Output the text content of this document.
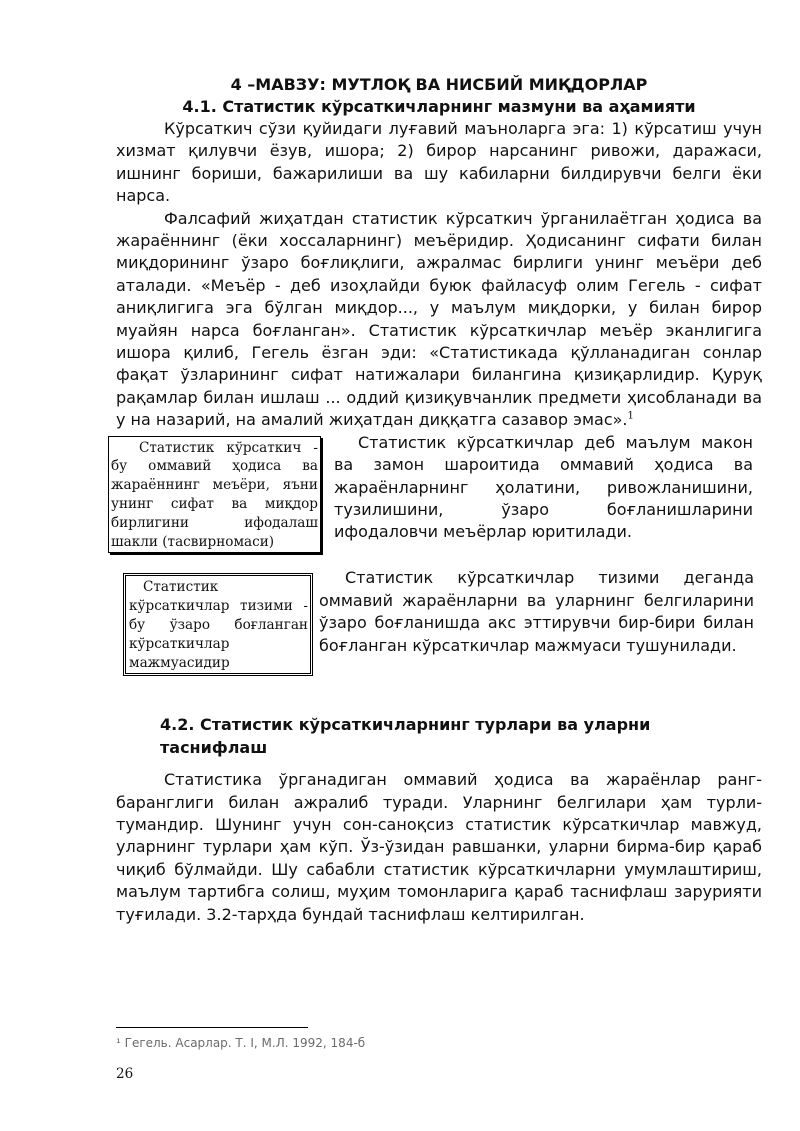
4 –МАВЗУ: МУТЛОҚ ВА НИСБИЙ МИҚДОРЛАР
4.1. Статистик кўрсаткичларнинг мазмуни ва аҳамияти

Кўрсаткич сўзи қуйидаги луғавий маъноларга эга: 1) кўрсатиш учун хизмат қилувчи ёзув, ишора; 2) бирор нарсанинг ривожи, даражаси, ишнинг бориши, бажарилиши ва шу кабиларни билдирувчи белги ёки нарса.

Фалсафий жиҳатдан статистик кўрсаткич ўрганилаётган ҳодиса ва жараённинг (ёки хоссаларнинг) меъёридир. Ҳодисанинг сифати билан миқдорининг ўзаро боғлиқлиги, ажралмас бирлиги унинг меъёри деб аталади. «Меъёр - деб изоҳлайди буюк файласуф олим Гегель - сифат аниқлигига эга бўлган миқдор..., у маълум миқдорки, у билан бирор муайян нарса боғланган». Статистик кўрсаткичлар меъёр эканлигига ишора қилиб, Гегель ёзган эди: «Статистикада қўлланадиган сонлар фақат ўзларининг сифат натижалари билангина қизиқарлидир. Қуруқ рақамлар билан ишлаш ... оддий қизиқувчанлик предмети ҳисобланади ва у на назарий, на амалий жиҳатдан диққатга сазавор эмас».$^1$

Статистик кўрсаткич - бу оммавий ҳодиса ва жараённинг меъёри, яъни унинг сифат ва миқдор бирлигини ифодалаш шакли (тасвирномаси)

Статистик кўрсаткичлар деб маълум макон ва замон шароитида оммавий ҳодиса ва жараёнларнинг ҳолатини, ривожланишини, тузилишини, ўзаро боғланишларини ифодаловчи меъёрлар юритилади.

Статистик кўрсаткичлар тизими - бу ўзаро боғланган кўрсаткичлар мажмуасидир

Статистик кўрсаткичлар тизими деганда оммавий жараёнларни ва уларнинг белгиларини ўзаро боғланишда акс эттирувчи бир-бири билан боғланган кўрсаткичлар мажмуаси тушунилади.

4.2. Статистик кўрсаткичларнинг турлари ва уларни таснифлаш

Статистика ўрганадиган оммавий ҳодиса ва жараёнлар ранг-баранглиги билан ажралиб туради. Уларнинг белгилари ҳам турли-тумандир. Шунинг учун сон-саноқсиз статистик кўрсаткичлар мавжуд, уларнинг турлари ҳам кўп. Ўз-ўзидан равшанки, уларни бирма-бир қараб чиқиб бўлмайди. Шу сабабли статистик кўрсаткичларни умумлаштириш, маълум тартибга солиш, муҳим томонларига қараб таснифлаш зарурияти туғилади. 3.2-тарҳда бундай таснифлаш келтирилган.

¹ Гегель. Асарлар. Т. I, М.Л. 1992, 184-б
26
